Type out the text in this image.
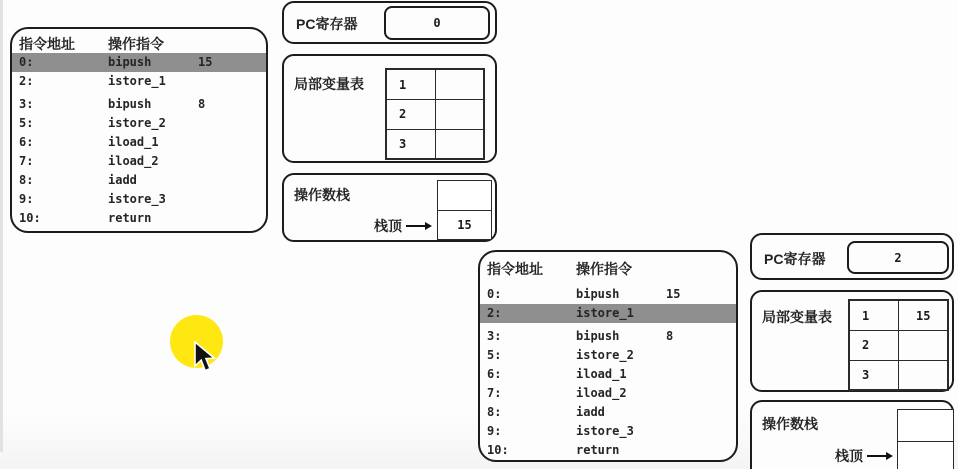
指令地址	操作指令
0:	bipush	15
2:	istore_1
3:	bipush	8
5:	istore_2
6:	iload_1
7:	iload_2
8:	iadd
9:	istore_3
10:	return
PC寄存器	0
局部变量表	1
2
3
操作数栈
15
栈顶
指令地址	操作指令
0:	bipush	15
2:	istore_1
3:	bipush	8
5:	istore_2
6:	iload_1
7:	iload_2
8:	iadd
9:	istore_3
10:	return
PC寄存器	2
局部变量表	1	15
2
3
操作数栈
栈顶
